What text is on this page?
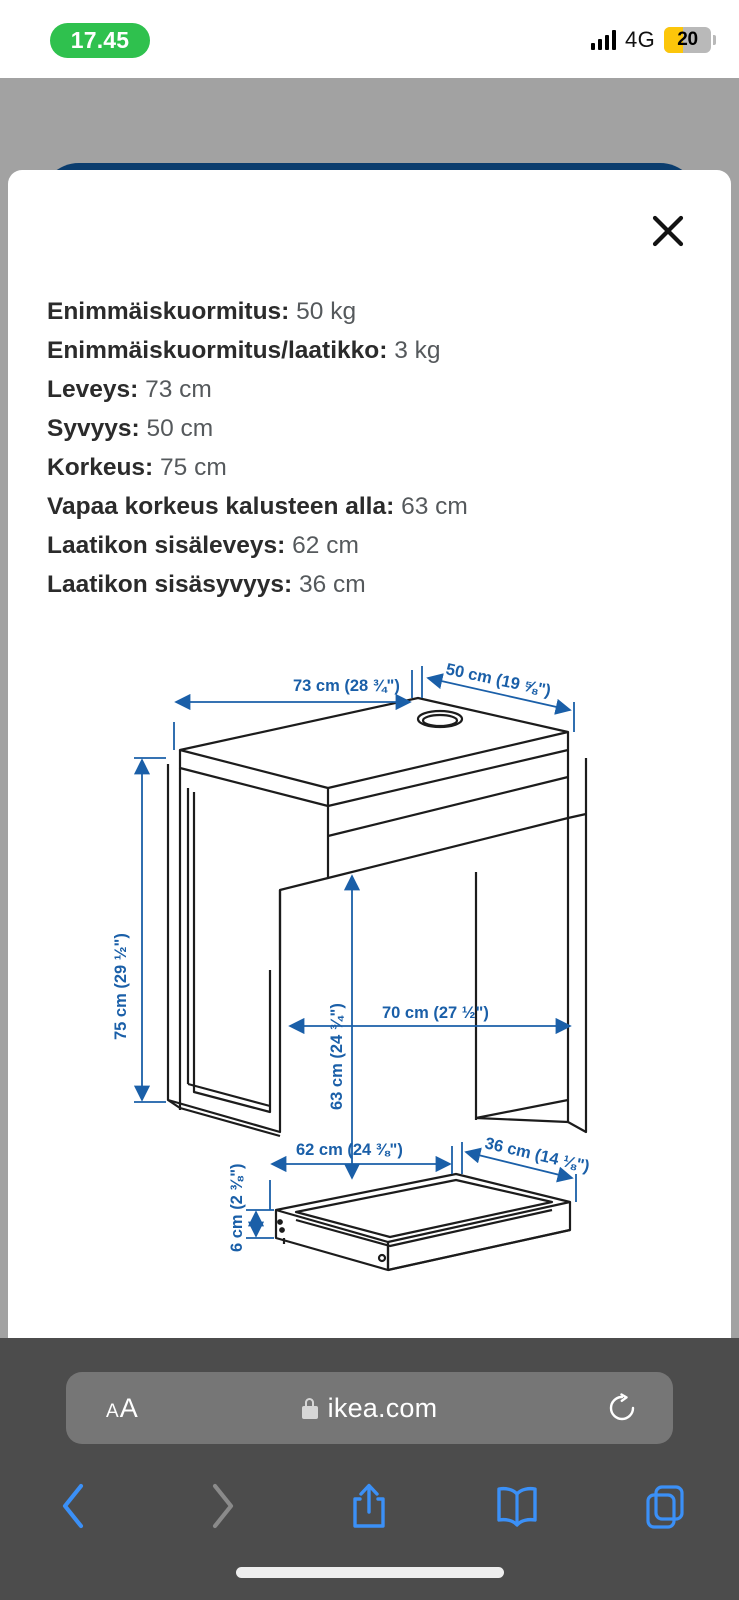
17.45	4G 20
Enimmäiskuormitus: 50 kg
Enimmäiskuormitus/laatikko: 3 kg
Leveys: 73 cm
Syvyys: 50 cm
Korkeus: 75 cm
Vapaa korkeus kalusteen alla: 63 cm
Laatikon sisäleveys: 62 cm
Laatikon sisäsyvyys: 36 cm
73 cm (28 ¾")	50 cm (19 ⅝")
75 cm (29 ½")
63 cm (24 ¾") 70 cm (27 ½")
62 cm (24 ⅜")	36 cm (14 ⅛")
6 cm (2 ⅜")
A A	ikea.com
